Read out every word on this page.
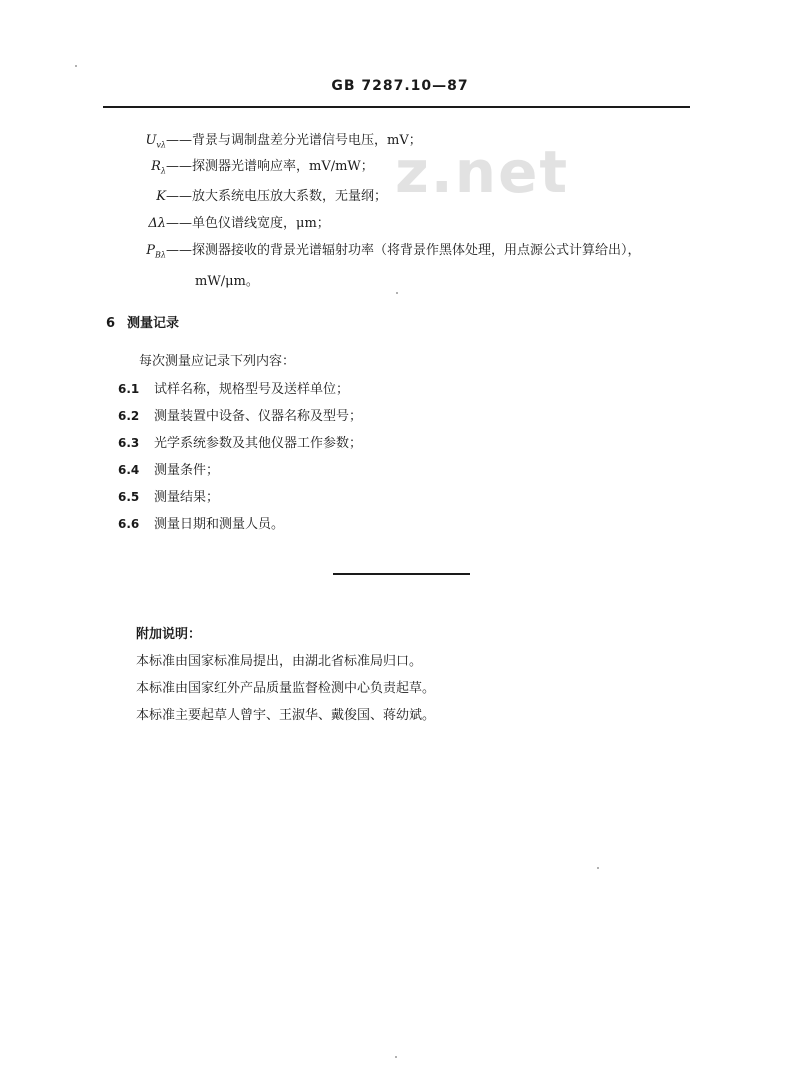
GB 7287.10—87
z.net
$U_{v\lambda}——$背景与调制盘差分光谱信号电压，mV；
$R_\lambda——$探测器光谱响应率，mV/mW；
K——放大系统电压放大系数，无量纲；
Δλ——单色仪谱线宽度，μm；
$P_{B\lambda}——$探测器接收的背景光谱辐射功率（将背景作黑体处理，用点源公式计算给出），
mW/μm。
6 测量记录
每次测量应记录下列内容：
6.1 试样名称，规格型号及送样单位；
6.2 测量装置中设备、仪器名称及型号；
6.3 光学系统参数及其他仪器工作参数；
6.4 测量条件；
6.5 测量结果；
6.6 测量日期和测量人员。
附加说明：
本标准由国家标准局提出，由湖北省标准局归口。
本标准由国家红外产品质量监督检测中心负责起草。
本标准主要起草人曾宇、王淑华、戴俊国、蒋幼斌。
